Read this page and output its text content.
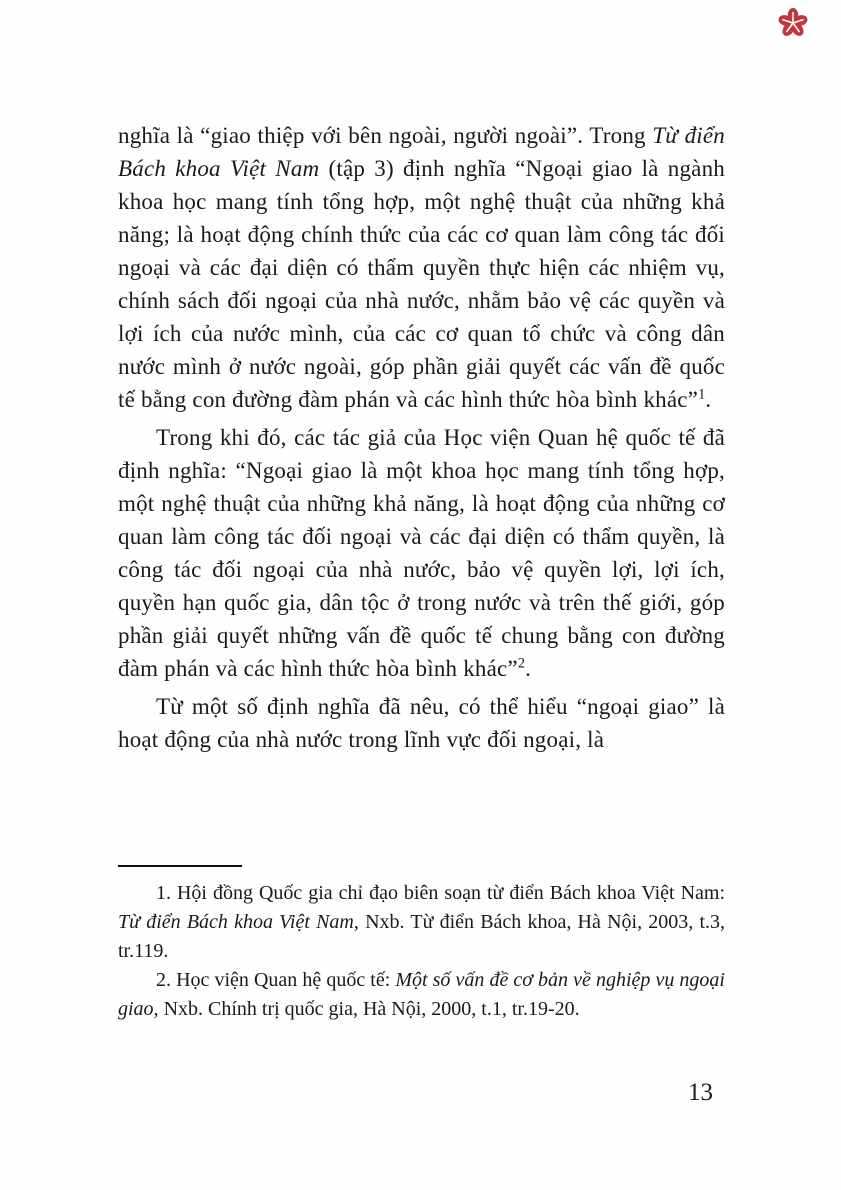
nghĩa là “giao thiệp với bên ngoài, người ngoài”. Trong Từ điển Bách khoa Việt Nam (tập 3) định nghĩa “Ngoại giao là ngành khoa học mang tính tổng hợp, một nghệ thuật của những khả năng; là hoạt động chính thức của các cơ quan làm công tác đối ngoại và các đại diện có thẩm quyền thực hiện các nhiệm vụ, chính sách đối ngoại của nhà nước, nhằm bảo vệ các quyền và lợi ích của nước mình, của các cơ quan tổ chức và công dân nước mình ở nước ngoài, góp phần giải quyết các vấn đề quốc tế bằng con đường đàm phán và các hình thức hòa bình khác”$^1$.

Trong khi đó, các tác giả của Học viện Quan hệ quốc tế đã định nghĩa: “Ngoại giao là một khoa học mang tính tổng hợp, một nghệ thuật của những khả năng, là hoạt động của những cơ quan làm công tác đối ngoại và các đại diện có thẩm quyền, là công tác đối ngoại của nhà nước, bảo vệ quyền lợi, lợi ích, quyền hạn quốc gia, dân tộc ở trong nước và trên thế giới, góp phần giải quyết những vấn đề quốc tế chung bằng con đường đàm phán và các hình thức hòa bình khác”$^2$.

Từ một số định nghĩa đã nêu, có thể hiểu “ngoại giao” là hoạt động của nhà nước trong lĩnh vực đối ngoại, là

1. Hội đồng Quốc gia chỉ đạo biên soạn từ điển Bách khoa Việt Nam: Từ điển Bách khoa Việt Nam, Nxb. Từ điển Bách khoa, Hà Nội, 2003, t.3, tr.119.

2. Học viện Quan hệ quốc tế: Một số vấn đề cơ bản về nghiệp vụ ngoại giao, Nxb. Chính trị quốc gia, Hà Nội, 2000, t.1, tr.19-20.

13
